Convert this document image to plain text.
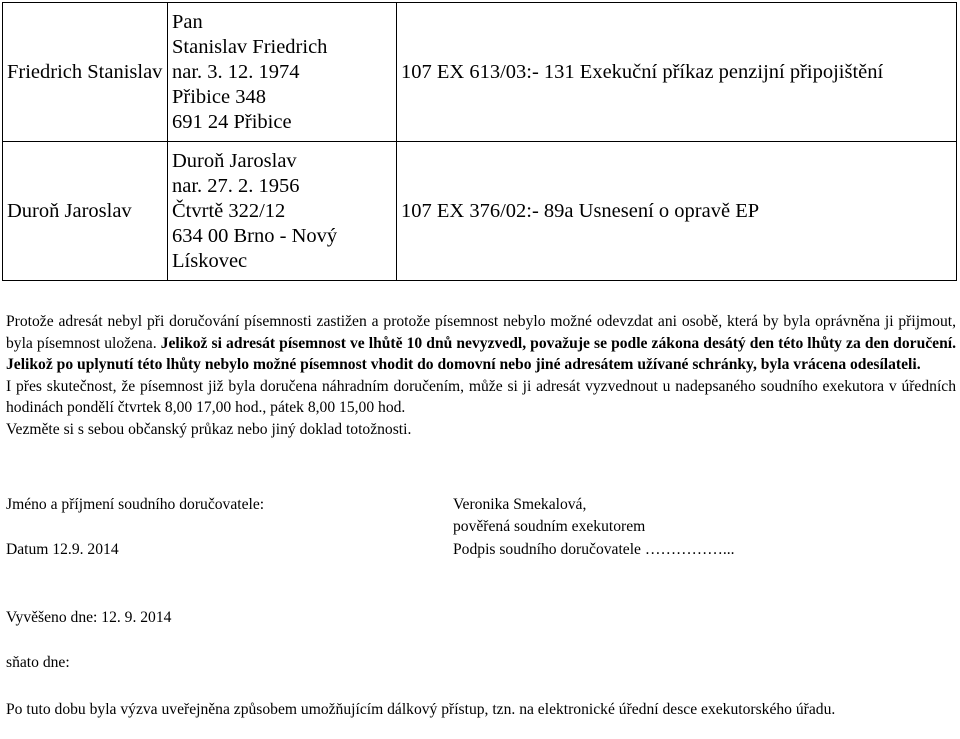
Friedrich Stanislav	Pan
Stanislav Friedrich
nar. 3. 12. 1974
Přibice 348
691 24 Přibice	107 EX 613/03:- 131 Exekuční příkaz penzijní připojištění
Duroň Jaroslav	Duroň Jaroslav
nar. 27. 2. 1956
Čtvrtě 322/12
634 00 Brno - Nový
Lískovec	107 EX 376/02:- 89a Usnesení o opravě EP
Protože adresát nebyl při doručování písemnosti zastižen a protože písemnost nebylo možné odevzdat ani osobě, která by byla oprávněna ji přijmout, byla písemnost uložena. Jelikož si adresát písemnost ve lhůtě 10 dnů nevyzvedl, považuje se podle zákona desátý den této lhůty za den doručení. Jelikož po uplynutí této lhůty nebylo možné písemnost vhodit do domovní nebo jiné adresátem užívané schránky, byla vrácena odesílateli.
I přes skutečnost, že písemnost již byla doručena náhradním doručením, může si ji adresát vyzvednout u nadepsaného soudního exekutora v úředních hodinách pondělí čtvrtek 8,00 17,00 hod., pátek 8,00 15,00 hod.
Vezměte si s sebou občanský průkaz nebo jiný doklad totožnosti.
Jméno a příjmení soudního doručovatele:	Veronika Smekalová,
pověřená soudním exekutorem
Datum 12.9. 2014	Podpis soudního doručovatele ……………...
Vyvěšeno dne: 12. 9. 2014
sňato dne:
Po tuto dobu byla výzva uveřejněna způsobem umožňujícím dálkový přístup, tzn. na elektronické úřední desce exekutorského úřadu.
